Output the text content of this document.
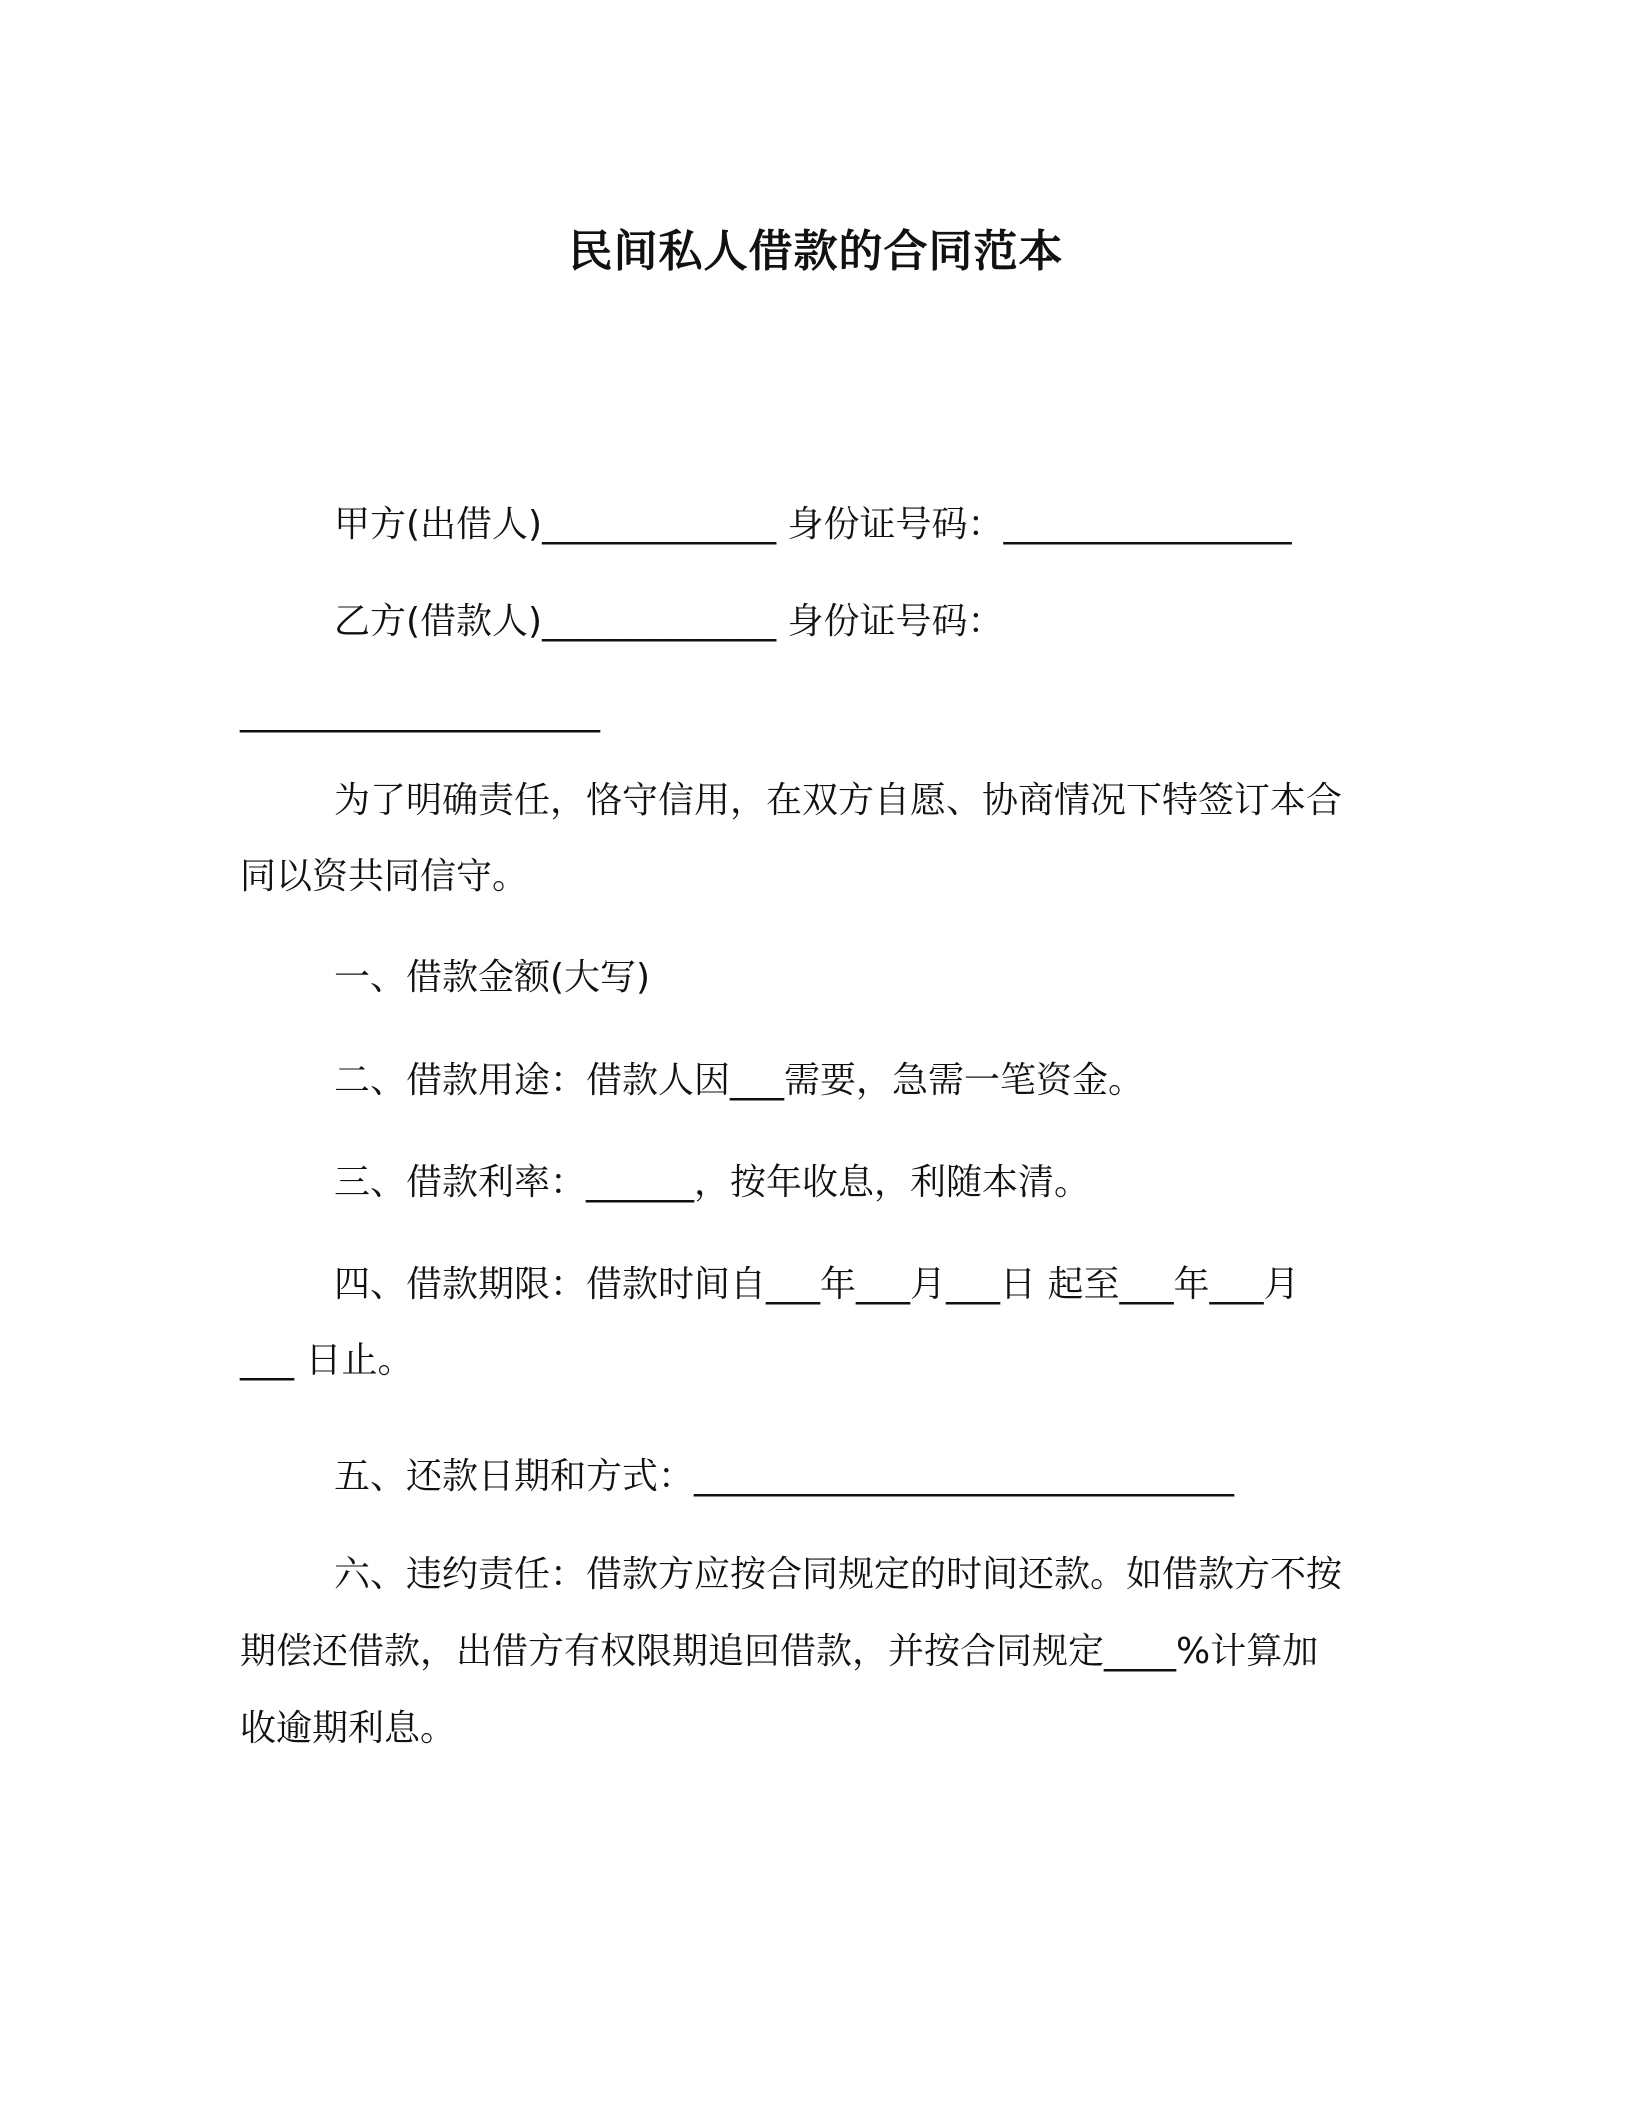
民间私人借款的合同范本
甲方(出借人)_____________ 身份证号码：________________
乙方(借款人)_____________ 身份证号码：
____________________
为了明确责任，恪守信用，在双方自愿、协商情况下特签订本合
同以资共同信守。
一、借款金额(大写)
二、借款用途：借款人因___需要，急需一笔资金。
三、借款利率：______，按年收息，利随本清。
四、借款期限：借款时间自___年___月___日 起至___年___月
___ 日止。
五、还款日期和方式：______________________________
六、违约责任：借款方应按合同规定的时间还款。如借款方不按
期偿还借款，出借方有权限期追回借款，并按合同规定____%计算加
收逾期利息。
